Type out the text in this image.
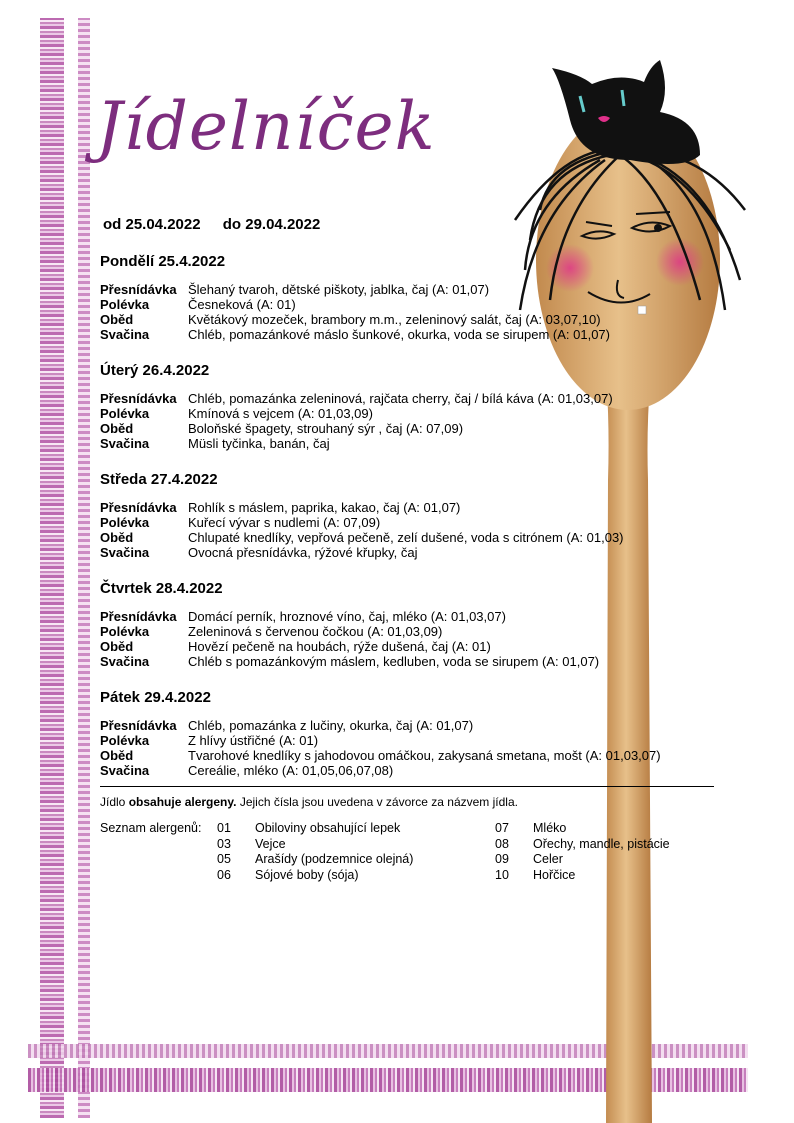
Jídelníček
od 25.04.2022 do 29.04.2022
Pondělí 25.4.2022
Přesnídávka Šlehaný tvaroh, dětské piškoty, jablka, čaj (A: 01,07)
Polévka	Česneková (A: 01)
Oběd	Květákový mozeček, brambory m.m., zeleninový salát, čaj (A: 03,07,10)
Svačina	Chléb, pomazánkové máslo šunkové, okurka, voda se sirupem (A: 01,07)
Úterý 26.4.2022
Přesnídávka Chléb, pomazánka zeleninová, rajčata cherry, čaj / bílá káva (A: 01,03,07)
Polévka	Kmínová s vejcem (A: 01,03,09)
Oběd	Boloňské špagety, strouhaný sýr , čaj (A: 07,09)
Svačina	Müsli tyčinka, banán, čaj
Středa 27.4.2022
Přesnídávka Rohlík s máslem, paprika, kakao, čaj (A: 01,07)
Polévka	Kuřecí vývar s nudlemi (A: 07,09)
Oběd	Chlupaté knedlíky, vepřová pečeně, zelí dušené, voda s citrónem (A: 01,03)
Svačina	Ovocná přesnídávka, rýžové křupky, čaj
Čtvrtek 28.4.2022
Přesnídávka Domácí perník, hroznové víno, čaj, mléko (A: 01,03,07)
Polévka	Zeleninová s červenou čočkou (A: 01,03,09)
Oběd	Hovězí pečeně na houbách, rýže dušená, čaj (A: 01)
Svačina	Chléb s pomazánkovým máslem, kedluben, voda se sirupem (A: 01,07)
Pátek 29.4.2022
Přesnídávka Chléb, pomazánka z lučiny, okurka, čaj (A: 01,07)
Polévka	Z hlívy ústřičné (A: 01)
Oběd	Tvarohové knedlíky s jahodovou omáčkou, zakysaná smetana, mošt (A: 01,03,07)
Svačina	Cereálie, mléko (A: 01,05,06,07,08)
Jídlo obsahuje alergeny. Jejich čísla jsou uvedena v závorce za názvem jídla.
Seznam alergenů: 01	Obiloviny obsahující lepek
03	Vejce
05	Arašídy (podzemnice olejná)
06	Sójové boby (sója)
07	Mléko
08	Ořechy, mandle, pistácie
09	Celer
10	Hořčice
